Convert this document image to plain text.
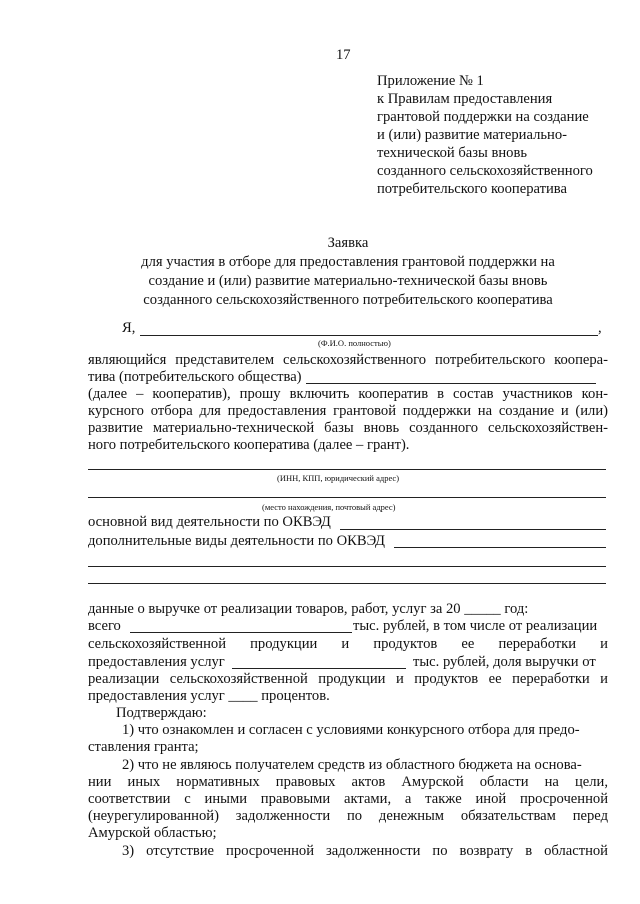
17
Приложение № 1
к Правилам предоставления
грантовой поддержки на создание
и (или) развитие материально-
технической базы вновь
созданного сельскохозяйственного
потребительского кооператива
Заявка
для участия в отборе для предоставления грантовой поддержки на
создание и (или) развитие материально-технической базы вновь
созданного сельскохозяйственного потребительского кооператива
Я,	,
(Ф.И.О. полностью)
являющийся представителем сельскохозяйственного потребительского коопера-
тива (потребительского общества)
(далее – кооператив), прошу включить кооператив в состав участников кон-
курсного отбора для предоставления грантовой поддержки на создание и (или)
развитие материально-технической базы вновь созданного сельскохозяйствен-
ного потребительского кооператива (далее – грант).
(ИНН, КПП, юридический адрес)
(место нахождения, почтовый адрес)
основной вид деятельности по ОКВЭД
дополнительные виды деятельности по ОКВЭД
данные о выручке от реализации товаров, работ, услуг за 20 _____ год:
всего	тыс. рублей, в том числе от реализации
сельскохозяйственной продукции и продуктов ее переработки и
предоставления услуг	тыс. рублей, доля выручки от
реализации сельскохозяйственной продукции и продуктов ее переработки и
предоставления услуг ____ процентов.
Подтверждаю:
1) что ознакомлен и согласен с условиями конкурсного отбора для предо-
ставления гранта;
2) что не являюсь получателем средств из областного бюджета на основа-
нии иных нормативных правовых актов Амурской области на цели,
соответствии с иными правовыми актами, а также иной просроченной
(неурегулированной) задолженности по денежным обязательствам перед
Амурской областью;
3) отсутствие просроченной задолженности по возврату в областной
